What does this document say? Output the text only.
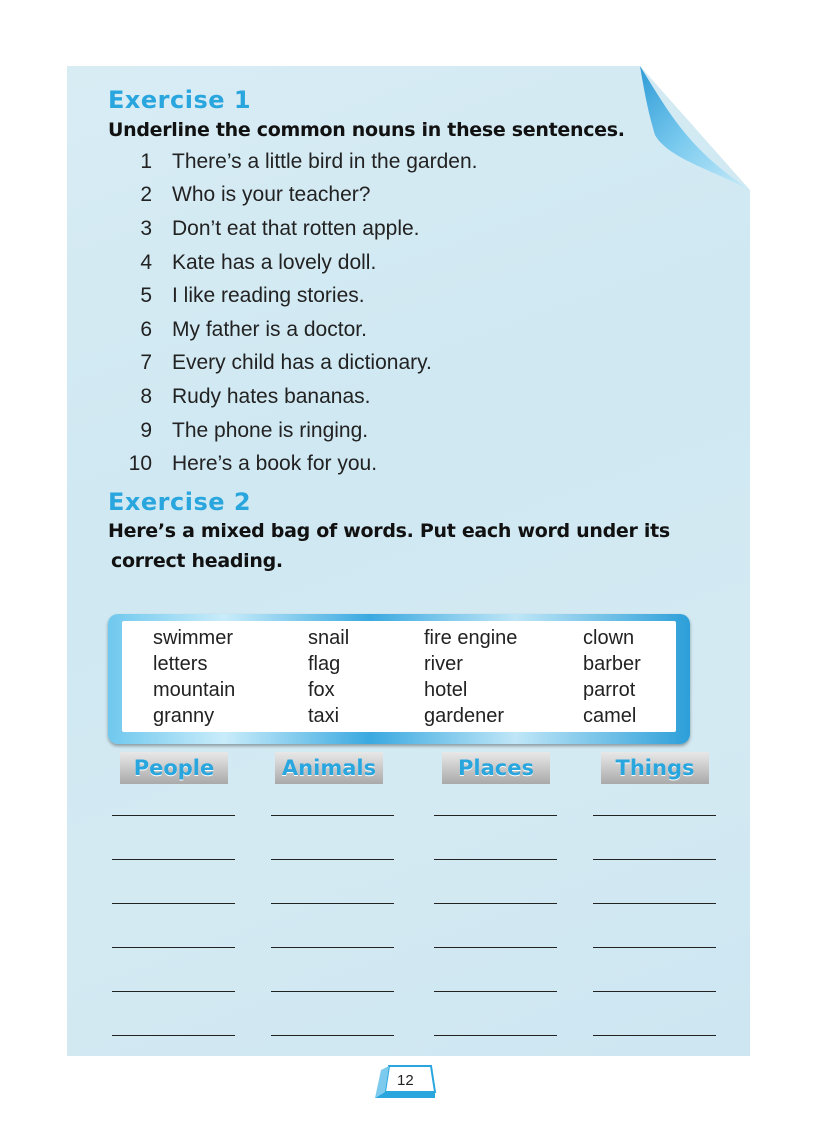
Exercise 1
Underline the common nouns in these sentences.
1 There’s a little bird in the garden.
2 Who is your teacher?
3 Don’t eat that rotten apple.
4 Kate has a lovely doll.
5 I like reading stories.
6 My father is a doctor.
7 Every child has a dictionary.
8 Rudy hates bananas.
9 The phone is ringing.
10 Here’s a book for you.
Exercise 2
Here’s a mixed bag of words. Put each word under its
correct heading.
swimmer	snail	fire engine	clown
letters	flag	river	barber
mountain	fox	hotel	parrot
granny	taxi	gardener	camel
People	Animals	Places	Things
12
